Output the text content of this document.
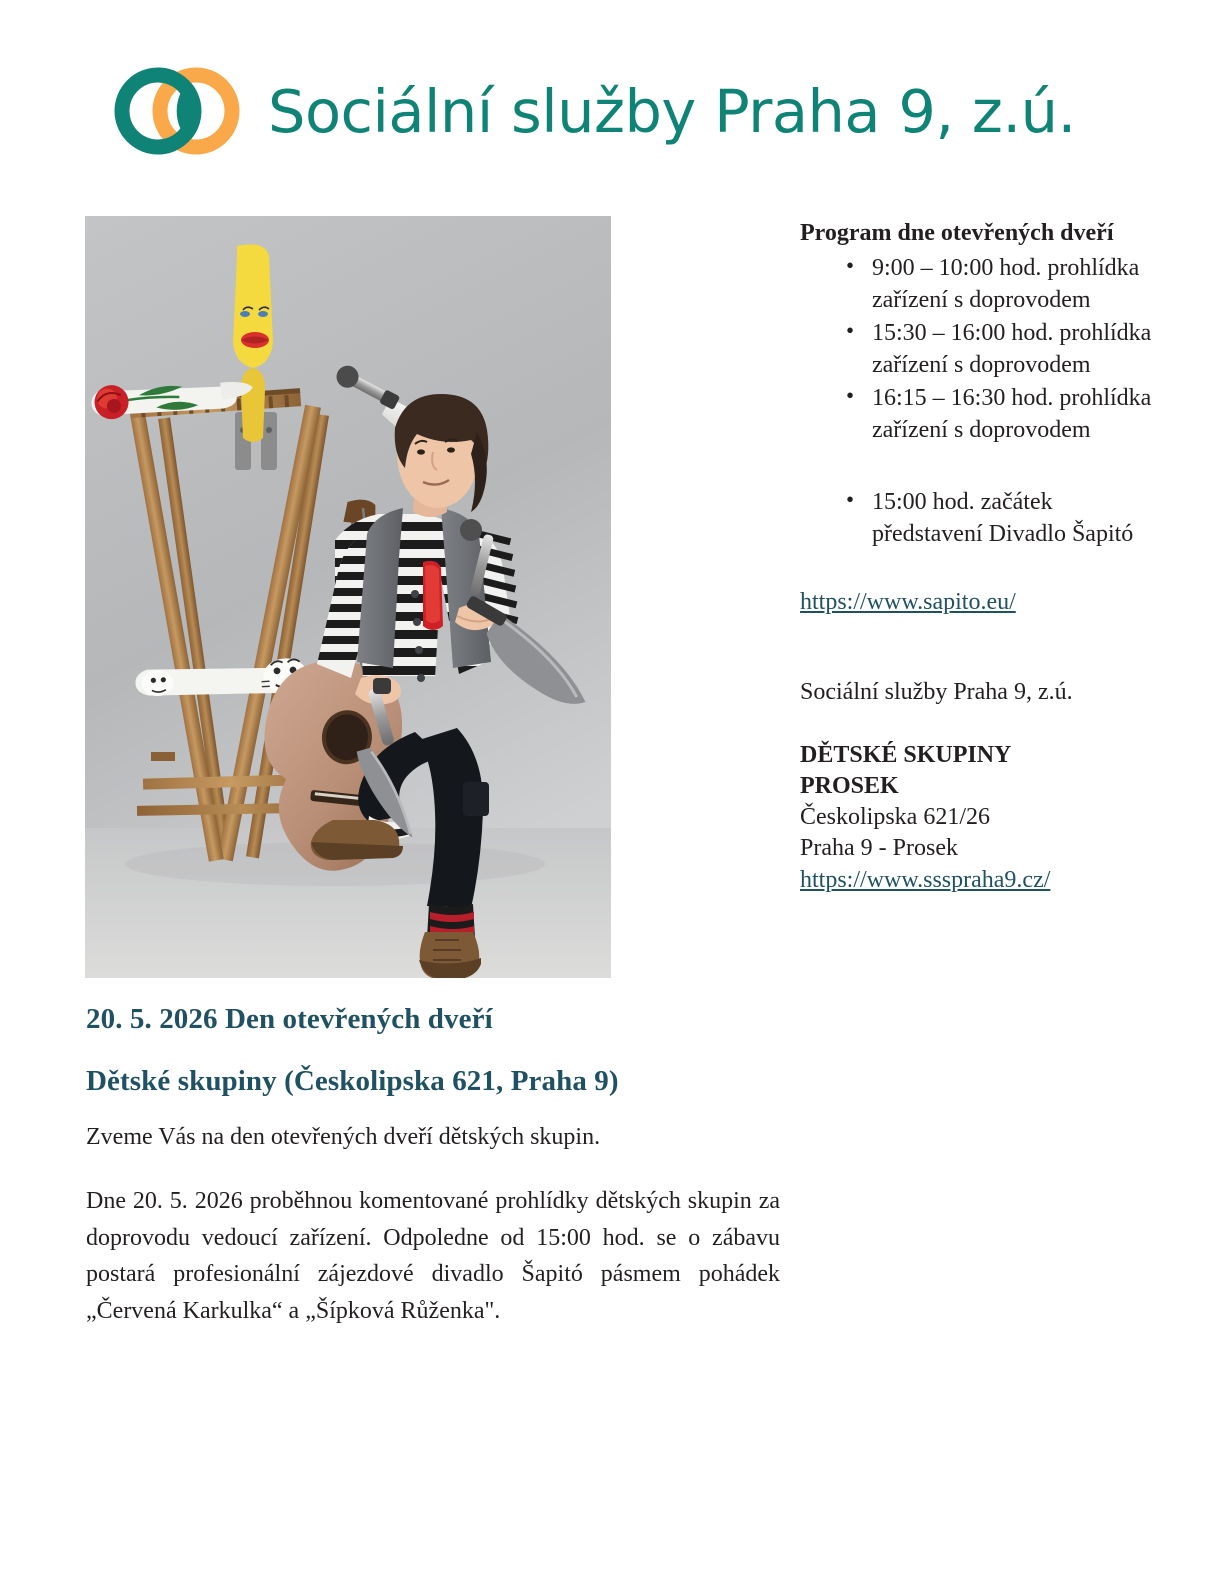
Sociální služby Praha 9, z.ú.
20. 5. 2026 Den otevřených dveří
Dětské skupiny (Českolipska 621, Praha 9)

Zveme Vás na den otevřených dveří dětských skupin.

Dne 20. 5. 2026 proběhnou komentované prohlídky dětských skupin za doprovodu vedoucí zařízení. Odpoledne od 15:00 hod. se o zábavu postará profesionální zájezdové divadlo Šapitó pásmem pohádek „Červená Karkulka“ a „Šípková Růženka".

Program dne otevřených dveří
• 9:00 – 10:00 hod. prohlídka zařízení s doprovodem
• 15:30 – 16:00 hod. prohlídka zařízení s doprovodem
• 16:15 – 16:30 hod. prohlídka zařízení s doprovodem
• 15:00 hod. začátek představení Divadlo Šapitó
https://www.sapito.eu/
Sociální služby Praha 9, z.ú.
DĚTSKÉ SKUPINY
PROSEK
Českolipska 621/26
Praha 9 - Prosek
https://www.ssspraha9.cz/
